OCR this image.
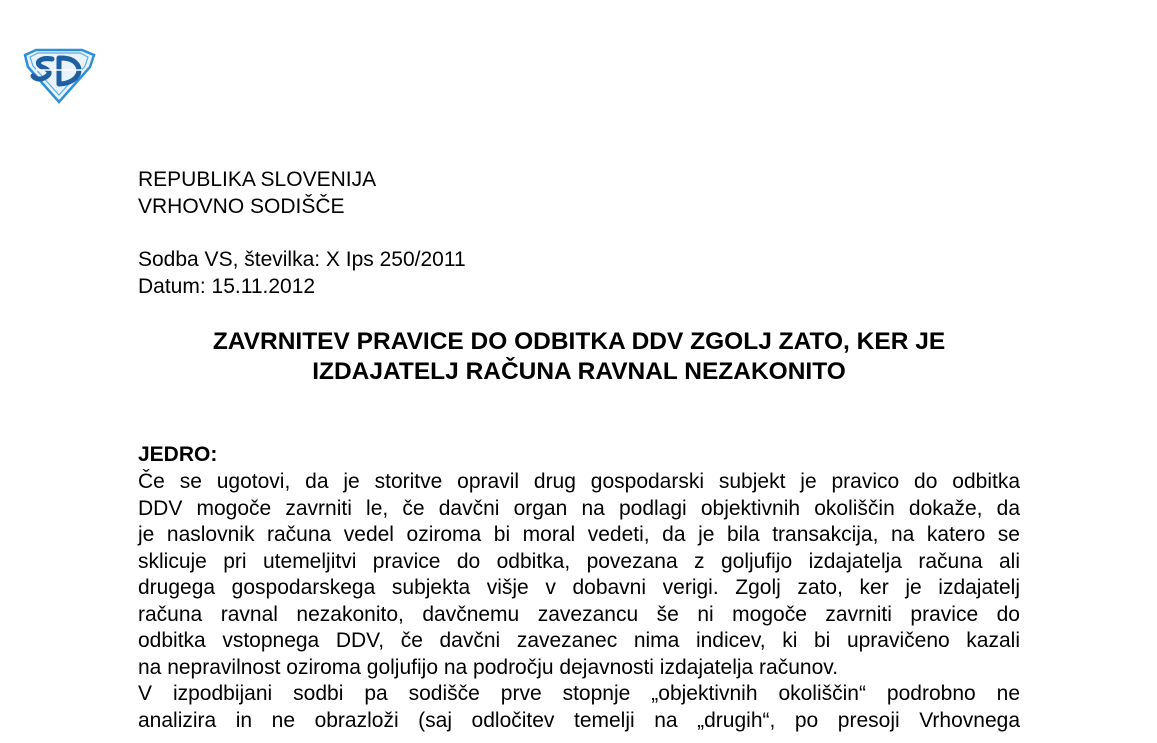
REPUBLIKA SLOVENIJA
VRHOVNO SODIŠČE
Sodba VS, številka: X Ips 250/2011
Datum: 15.11.2012
ZAVRNITEV PRAVICE DO ODBITKA DDV ZGOLJ ZATO, KER JE
IZDAJATELJ RAČUNA RAVNAL NEZAKONITO
JEDRO:
Če se ugotovi, da je storitve opravil drug gospodarski subjekt je pravico do odbitka
DDV mogoče zavrniti le, če davčni organ na podlagi objektivnih okoliščin dokaže, da
je naslovnik računa vedel oziroma bi moral vedeti, da je bila transakcija, na katero se
sklicuje pri utemeljitvi pravice do odbitka, povezana z goljufijo izdajatelja računa ali
drugega gospodarskega subjekta višje v dobavni verigi. Zgolj zato, ker je izdajatelj
računa ravnal nezakonito, davčnemu zavezancu še ni mogoče zavrniti pravice do
odbitka vstopnega DDV, če davčni zavezanec nima indicev, ki bi upravičeno kazali
na nepravilnost oziroma goljufijo na področju dejavnosti izdajatelja računov.
V izpodbijani sodbi pa sodišče prve stopnje „objektivnih okoliščin“ podrobno ne
analizira in ne obrazloži (saj odločitev temelji na „drugih“, po presoji Vrhovnega
